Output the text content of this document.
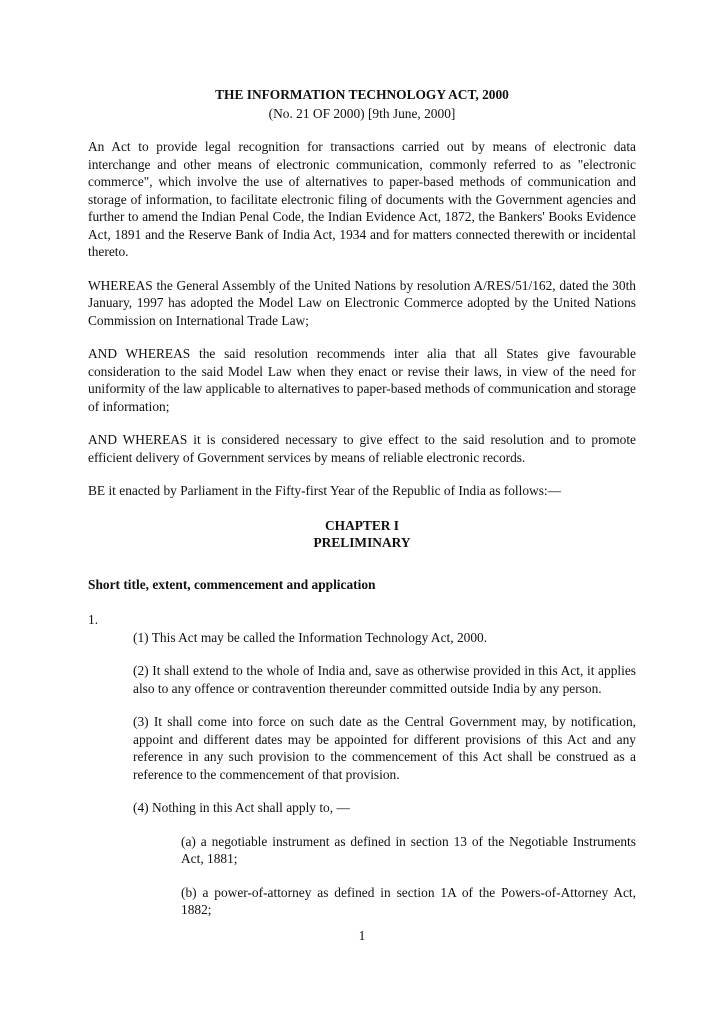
THE INFORMATION TECHNOLOGY ACT, 2000

(No. 21 OF 2000) [9th June, 2000]

An Act to provide legal recognition for transactions carried out by means of electronic data interchange and other means of electronic communication, commonly referred to as "electronic commerce", which involve the use of alternatives to paper-based methods of communication and storage of information, to facilitate electronic filing of documents with the Government agencies and further to amend the Indian Penal Code, the Indian Evidence Act, 1872, the Bankers' Books Evidence Act, 1891 and the Reserve Bank of India Act, 1934 and for matters connected therewith or incidental thereto.

WHEREAS the General Assembly of the United Nations by resolution A/RES/51/162, dated the 30th January, 1997 has adopted the Model Law on Electronic Commerce adopted by the United Nations Commission on International Trade Law;

AND WHEREAS the said resolution recommends inter alia that all States give favourable consideration to the said Model Law when they enact or revise their laws, in view of the need for uniformity of the law applicable to alternatives to paper-based methods of communication and storage of information;

AND WHEREAS it is considered necessary to give effect to the said resolution and to promote efficient delivery of Government services by means of reliable electronic records.

BE it enacted by Parliament in the Fifty-first Year of the Republic of India as follows:—

CHAPTER I
PRELIMINARY

Short title, extent, commencement and application

1.

(1) This Act may be called the Information Technology Act, 2000.

(2) It shall extend to the whole of India and, save as otherwise provided in this Act, it applies also to any offence or contravention thereunder committed outside India by any person.

(3) It shall come into force on such date as the Central Government may, by notification, appoint and different dates may be appointed for different provisions of this Act and any reference in any such provision to the commencement of this Act shall be construed as a reference to the commencement of that provision.

(4) Nothing in this Act shall apply to, —

(a) a negotiable instrument as defined in section 13 of the Negotiable Instruments Act, 1881;

(b) a power-of-attorney as defined in section 1A of the Powers-of-Attorney Act, 1882;

1
